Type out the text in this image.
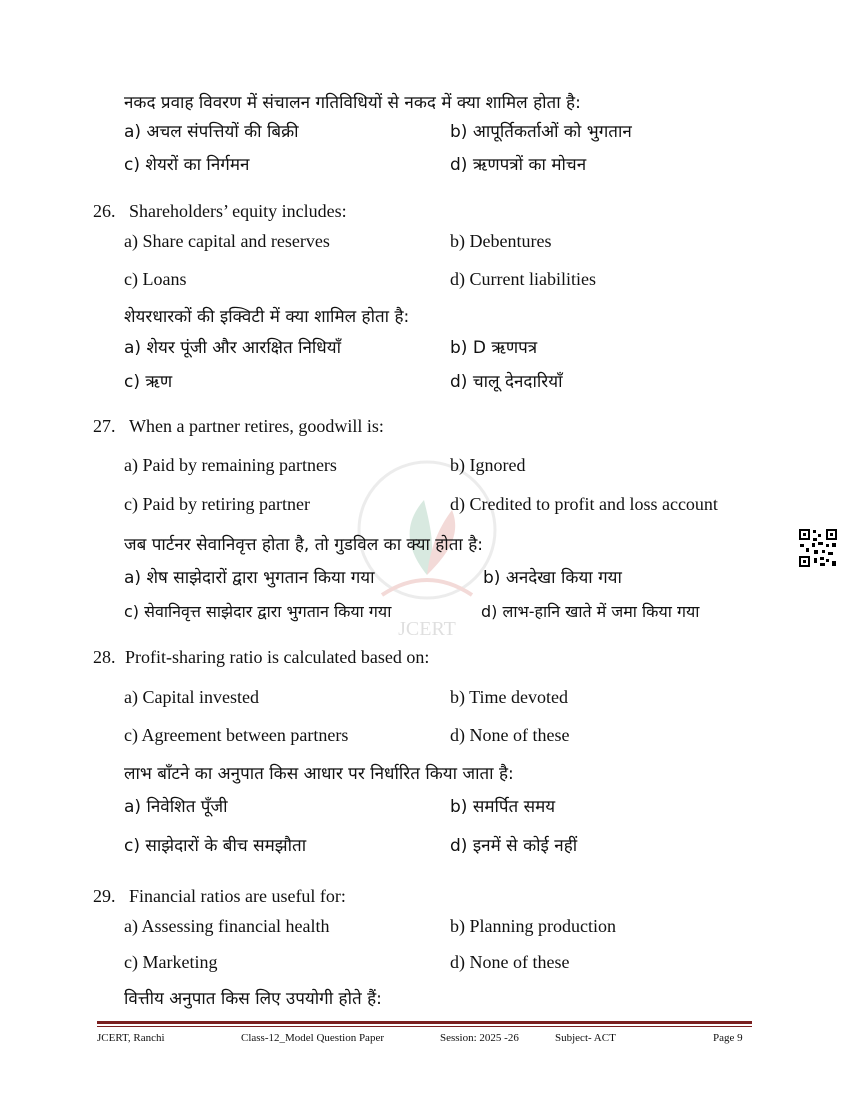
JCERT
नकद प्रवाह विवरण में संचालन गतिविधियों से नकद में क्या शामिल होता है:
a) अचल संपत्तियों की बिक्री	b) आपूर्तिकर्ताओं को भुगतान
c) शेयरों का निर्गमन	d) ऋणपत्रों का मोचन
26. Shareholders’ equity includes:
a) Share capital and reserves	b) Debentures
c) Loans	d) Current liabilities
शेयरधारकों की इक्विटी में क्या शामिल होता है:
a) शेयर पूंजी और आरक्षित निधियाँ	b) D ऋणपत्र
c) ऋण	d) चालू देनदारियाँ
27. When a partner retires, goodwill is:
a) Paid by remaining partners	b) Ignored
c) Paid by retiring partner	d) Credited to profit and loss account
जब पार्टनर सेवानिवृत्त होता है, तो गुडविल का क्या होता है:
a) शेष साझेदारों द्वारा भुगतान किया गया	b) अनदेखा किया गया
c) सेवानिवृत्त साझेदार द्वारा भुगतान किया गया	d) लाभ-हानि खाते में जमा किया गया
28. Profit-sharing ratio is calculated based on:
a) Capital invested	b) Time devoted
c) Agreement between partners	d) None of these
लाभ बाँटने का अनुपात किस आधार पर निर्धारित किया जाता है:
a) निवेशित पूँजी	b) समर्पित समय
c) साझेदारों के बीच समझौता	d) इनमें से कोई नहीं
29. Financial ratios are useful for:
a) Assessing financial health	b) Planning production
c) Marketing	d) None of these
वित्तीय अनुपात किस लिए उपयोगी होते हैं:
JCERT, Ranchi	Class-12_Model Question Paper	Session: 2025 -26	Subject- ACT	Page 9
